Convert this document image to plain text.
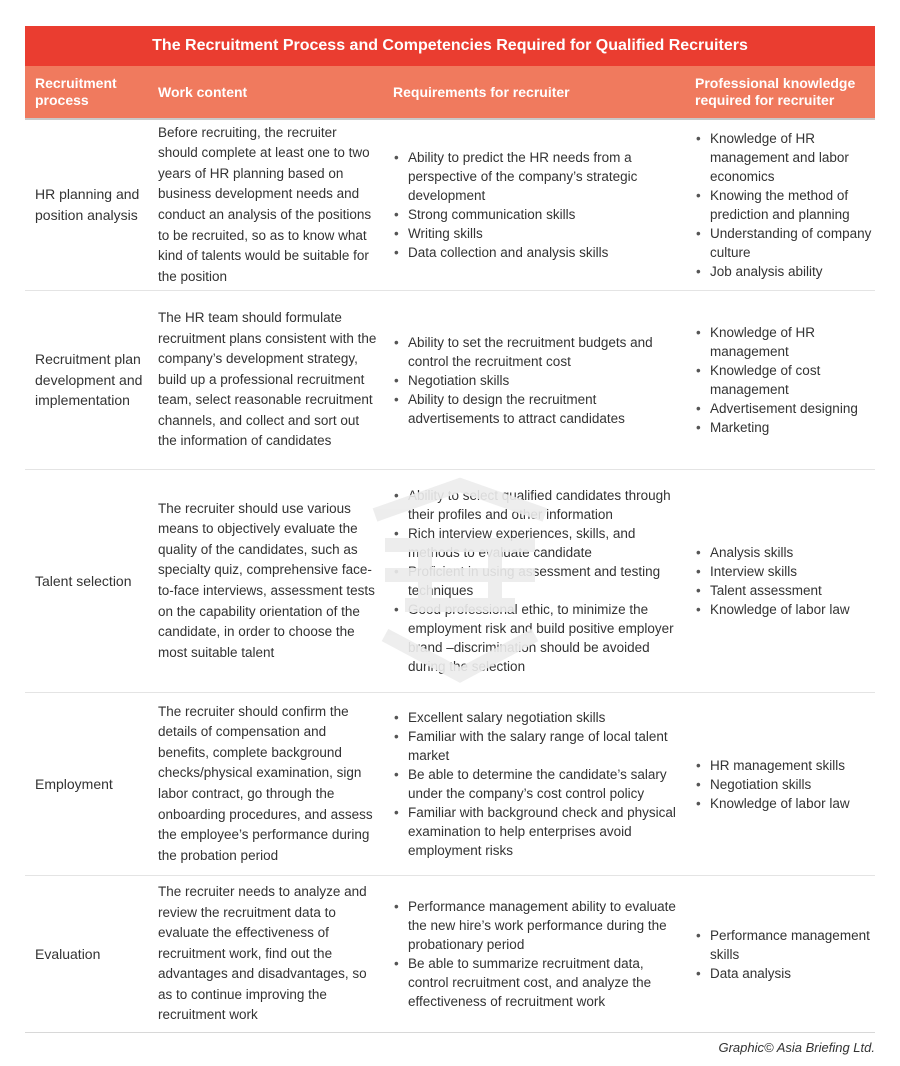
The Recruitment Process and Competencies Required for Qualified Recruiters
Recruitment process
Work content	Requirements for recruiter
Professional knowledge required for recruiter
HR planning and position analysis
Before recruiting, the recruiter should complete at least one to two years of HR planning based on business development needs and conduct an analysis of the positions to be recruited, so as to know what kind of talents would be suitable for the position
• Ability to predict the HR needs from a perspective of the company’s strategic development
• Strong communication skills
• Writing skills
• Data collection and analysis skills
• Knowledge of HR management and labor economics
• Knowing the method of prediction and planning
• Understanding of company culture
• Job analysis ability
Recruitment plan development and implementation
The HR team should formulate recruitment plans consistent with the company’s development strategy, build up a professional recruitment team, select reasonable recruitment channels, and collect and sort out the information of candidates
• Ability to set the recruitment budgets and control the recruitment cost
• Negotiation skills
• Ability to design the recruitment advertisements to attract candidates
• Knowledge of HR management
• Knowledge of cost management
• Advertisement designing
• Marketing
Talent selection
The recruiter should use various means to objectively evaluate the quality of the candidates, such as specialty quiz, comprehensive face-to-face interviews, assessment tests on the capability orientation of the candidate, in order to choose the most suitable talent
• Ability to select qualified candidates through their profiles and other information
• Rich interview experiences, skills, and methods to evaluate candidate
• Proficient in using assessment and testing techniques
• Good professional ethic, to minimize the employment risk and build positive employer brand –discrimination should be avoided during the selection
• Analysis skills
• Interview skills
• Talent assessment
• Knowledge of labor law
Employment
The recruiter should confirm the details of compensation and benefits, complete background checks/physical examination, sign labor contract, go through the onboarding procedures, and assess the employee’s performance during the probation period
• Excellent salary negotiation skills
• Familiar with the salary range of local talent market
• Be able to determine the candidate’s salary under the company’s cost control policy
• Familiar with background check and physical examination to help enterprises avoid employment risks
• HR management skills
• Negotiation skills
• Knowledge of labor law
Evaluation
The recruiter needs to analyze and review the recruitment data to evaluate the effectiveness of recruitment work, find out the advantages and disadvantages, so as to continue improving the recruitment work
• Performance management ability to evaluate the new hire’s work performance during the probationary period
• Be able to summarize recruitment data, control recruitment cost, and analyze the effectiveness of recruitment work
• Performance management skills
• Data analysis
Graphic© Asia Briefing Ltd.
